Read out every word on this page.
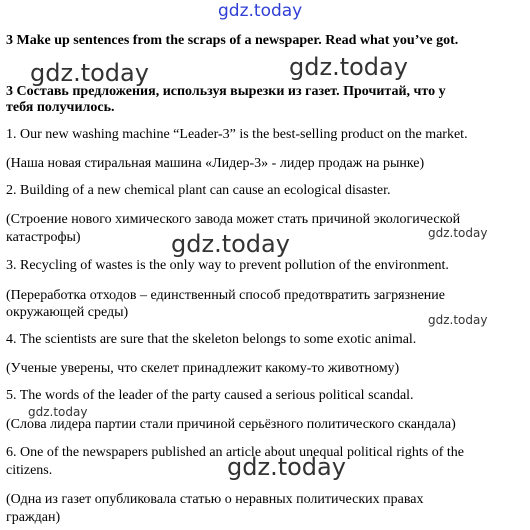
gdz.today
gdz.today	gdz.today
gdz.today	gdz.today
gdz.today
gdz.today
gdz.today
3 Make up sentences from the scraps of a newspaper. Read what you’ve got.
3 Составь предложения, используя вырезки из газет. Прочитай, что у
тебя получилось.
1. Our new washing machine “Leader-3” is the best-selling product on the market.
(Наша новая стиральная машина «Лидер-3» - лидер продаж на рынке)
2. Building of a new chemical plant can cause an ecological disaster.
(Строение нового химического завода может стать причиной экологической
катастрофы)
3. Recycling of wastes is the only way to prevent pollution of the environment.
(Переработка отходов – единственный способ предотвратить загрязнение
окружающей среды)
4. The scientists are sure that the skeleton belongs to some exotic animal.
(Ученые уверены, что скелет принадлежит какому-то животному)
5. The words of the leader of the party caused a serious political scandal.
(Слова лидера партии стали причиной серьёзного политического скандала)
6. One of the newspapers published an article about unequal political rights of the
citizens.
(Одна из газет опубликовала статью о неравных политических правах
граждан)
